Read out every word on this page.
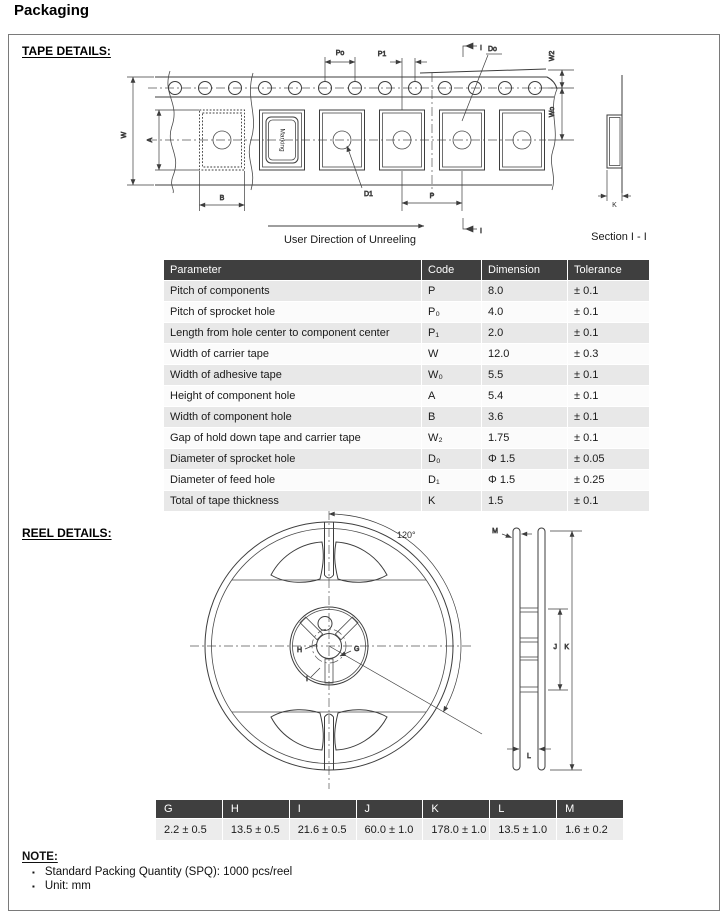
Packaging
TAPE DETAILS:
Marking
Po	P1
Do
I
I
W
A
B	P
D1
W2
Wo
K
Section I - I
User Direction of Unreeling
Parameter	Code	Dimension	Tolerance
Pitch of components	P	8.0	± 0.1
Pitch of sprocket hole	P₀	4.0	± 0.1
Length from hole center to component center	P₁	2.0	± 0.1
Width of carrier tape	W	12.0	± 0.3
Width of adhesive tape	W₀	5.5	± 0.1
Height of component hole	A	5.4	± 0.1
Width of component hole	B	3.6	± 0.1
Gap of hold down tape and carrier tape	W₂	1.75	± 0.1
Diameter of sprocket hole	D₀	Φ 1.5	± 0.05
Diameter of feed hole	D₁	Φ 1.5	± 0.25
Total of tape thickness	K	1.5	± 0.1
REEL DETAILS:	120°
H	G
I
M
K
J
L
G	H	I	J	K	L	M
2.2 ± 0.5	13.5 ± 0.5	21.6 ± 0.5	60.0 ± 1.0	178.0 ± 1.0	13.5 ± 1.0	1.6 ± 0.2
NOTE:
▪ Standard Packing Quantity (SPQ): 1000 pcs/reel
▪ Unit: mm
